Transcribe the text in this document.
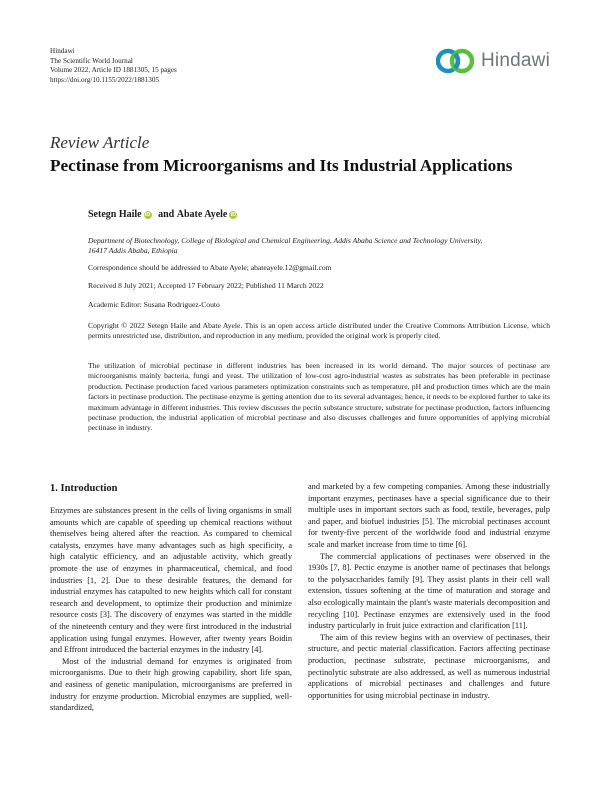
Hindawi
The Scientific World Journal
Volume 2022, Article ID 1881305, 15 pages
https://doi.org/10.1155/2022/1881305
Hindawi
Review Article
Pectinase from Microorganisms and Its Industrial Applications
Setegn Haile iD and Abate Ayele iD
Department of Biotechnology, College of Biological and Chemical Engineering, Addis Ababa Science and Technology University,
16417 Addis Ababa, Ethiopia
Correspondence should be addressed to Abate Ayele; abateayele.12@gmail.com
Received 8 July 2021; Accepted 17 February 2022; Published 11 March 2022
Academic Editor: Susana Rodriguez-Couto
Copyright © 2022 Setegn Haile and Abate Ayele. This is an open access article distributed under the Creative Commons Attribution License, which permits unrestricted use, distribution, and reproduction in any medium, provided the original work is properly cited.
The utilization of microbial pectinase in different industries has been increased in its world demand. The major sources of pectinase are microorganisms mainly bacteria, fungi and yeast. The utilization of low-cost agro-industrial wastes as substrates has been preferable in pectinase production. Pectinase production faced various parameters optimization constraints such as temperature, pH and production times which are the main factors in pectinase production. The pectinase enzyme is getting attention due to its several advantages; hence, it needs to be explored further to take its maximum advantage in different industries. This review discusses the pectin substance structure, substrate for pectinase production, factors influencing pectinase production, the industrial application of microbial pectinase and also discusses challenges and future opportunities of applying microbial pectinase in industry.
1. Introduction

Enzymes are substances present in the cells of living organisms in small amounts which are capable of speeding up chemical reactions without themselves being altered after the reaction. As compared to chemical catalysts, enzymes have many advantages such as high specificity, a high catalytic efficiency, and an adjustable activity, which greatly promote the use of enzymes in pharmaceutical, chemical, and food industries [1, 2]. Due to these desirable features, the demand for industrial enzymes has catapulted to new heights which call for constant research and development, to optimize their production and minimize resource costs [3]. The discovery of enzymes was started in the middle of the nineteenth century and they were first introduced in the industrial application using fungal enzymes. However, after twenty years Boidin and Effront introduced the bacterial enzymes in the industry [4].

Most of the industrial demand for enzymes is originated from microorganisms. Due to their high growing capability, short life span, and easiness of genetic manipulation, microorganisms are preferred in industry for enzyme production. Microbial enzymes are supplied, well-standardized,

and marketed by a few competing companies. Among these industrially important enzymes, pectinases have a special significance due to their multiple uses in important sectors such as food, textile, beverages, pulp and paper, and biofuel industries [5]. The microbial pectinases account for twenty-five percent of the worldwide food and industrial enzyme scale and market increase from time to time [6].

The commercial applications of pectinases were observed in the 1930s [7, 8]. Pectic enzyme is another name of pectinases that belongs to the polysaccharides family [9]. They assist plants in their cell wall extension, tissues softening at the time of maturation and storage and also ecologically maintain the plant's waste materials decomposition and recycling [10]. Pectinase enzymes are extensively used in the food industry particularly in fruit juice extraction and clarification [11].

The aim of this review begins with an overview of pectinases, their structure, and pectic material classification. Factors affecting pectinase production, pectinase substrate, pectinase microorganisms, and pectinolytic substrate are also addressed, as well as numerous industrial applications of microbial pectinases and challenges and future opportunities for using microbial pectinase in industry.
